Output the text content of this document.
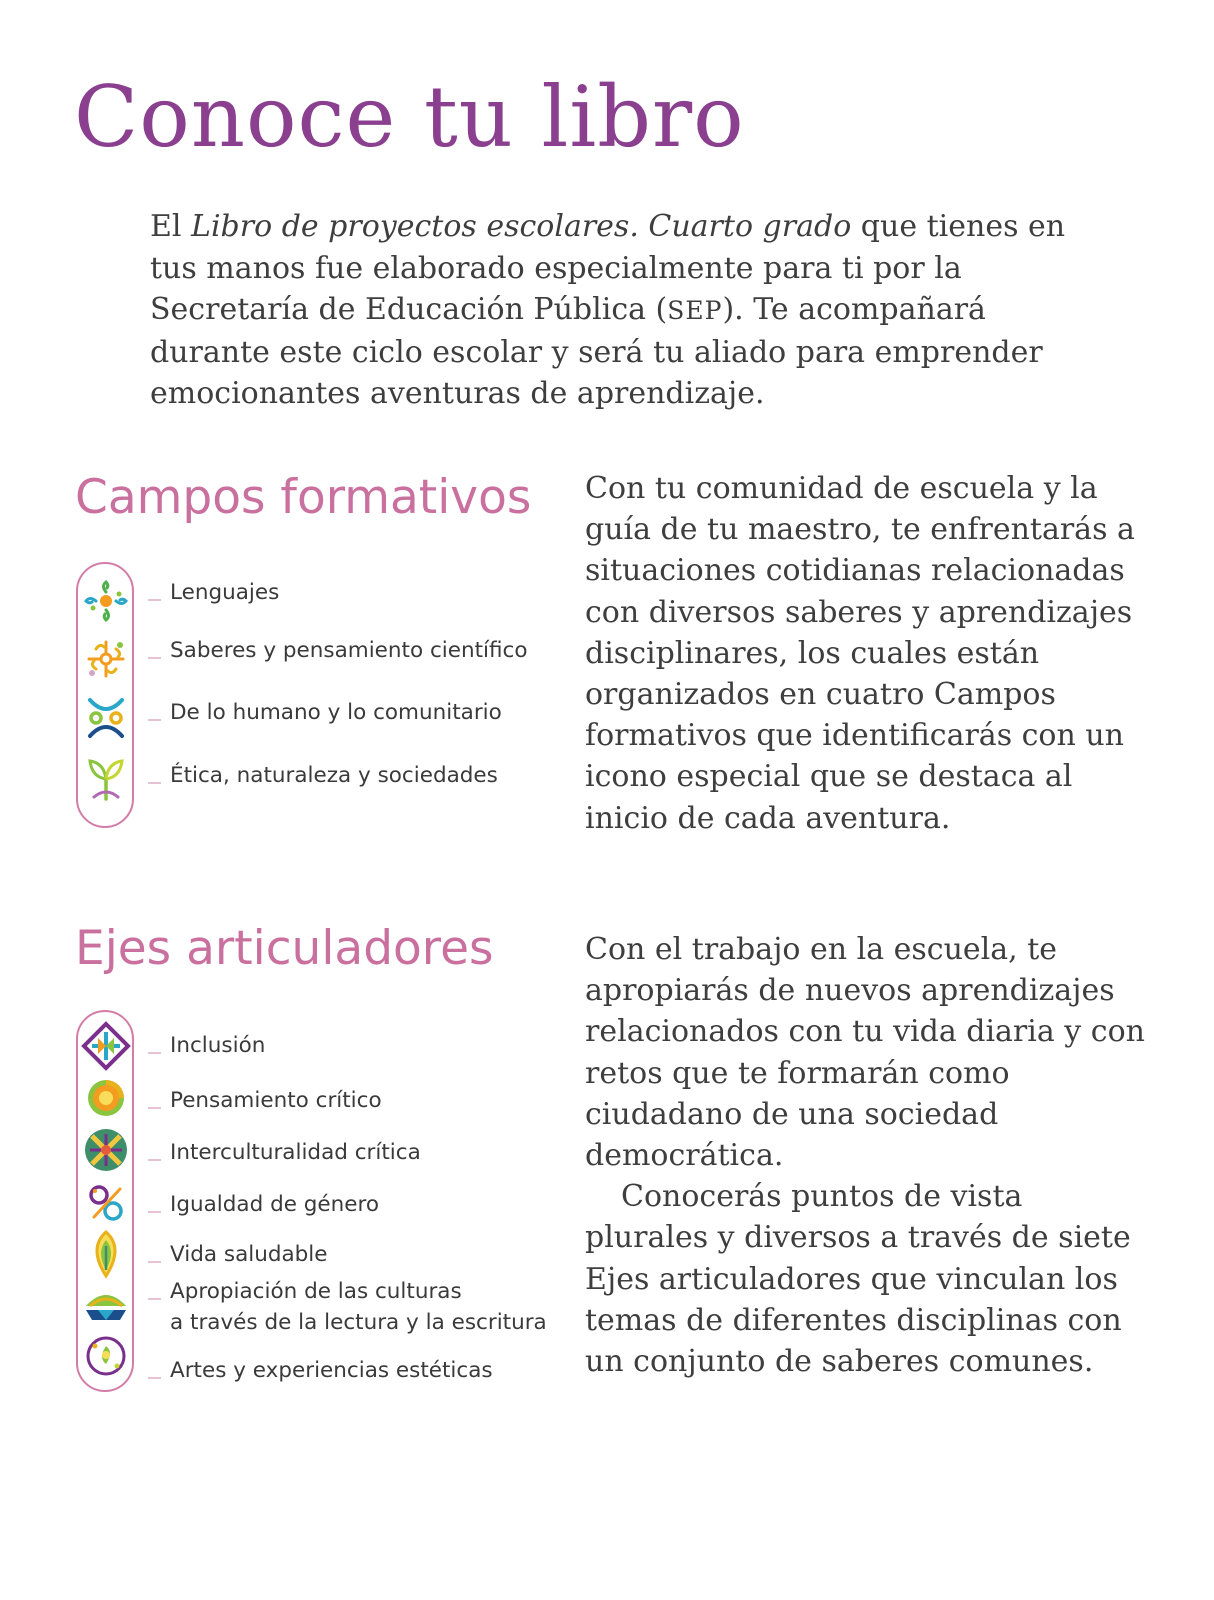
Conoce tu libro

El Libro de proyectos escolares. Cuarto grado que tienes en tus manos fue elaborado especialmente para ti por la Secretaría de Educación Pública (SEP). Te acompañará durante este ciclo escolar y será tu aliado para emprender emocionantes aventuras de aprendizaje.

Campos formativos

Lenguajes

Saberes y pensamiento científico

De lo humano y lo comunitario

Ética, naturaleza y sociedades

Con tu comunidad de escuela y la guía de tu maestro, te enfrentarás a situaciones cotidianas relacionadas con diversos saberes y aprendizajes disciplinares, los cuales están organizados en cuatro Campos formativos que identificarás con un icono especial que se destaca al inicio de cada aventura.

Ejes articuladores

Inclusión

Pensamiento crítico

Interculturalidad crítica

Igualdad de género

Vida saludable

Apropiación de las culturas
a través de la lectura y la escritura

Artes y experiencias estéticas

Con el trabajo en la escuela, te apropiarás de nuevos aprendizajes relacionados con tu vida diaria y con retos que te formarán como ciudadano de una sociedad democrática.

Conocerás puntos de vista plurales y diversos a través de siete Ejes articuladores que vinculan los temas de diferentes disciplinas con un conjunto de saberes comunes.
